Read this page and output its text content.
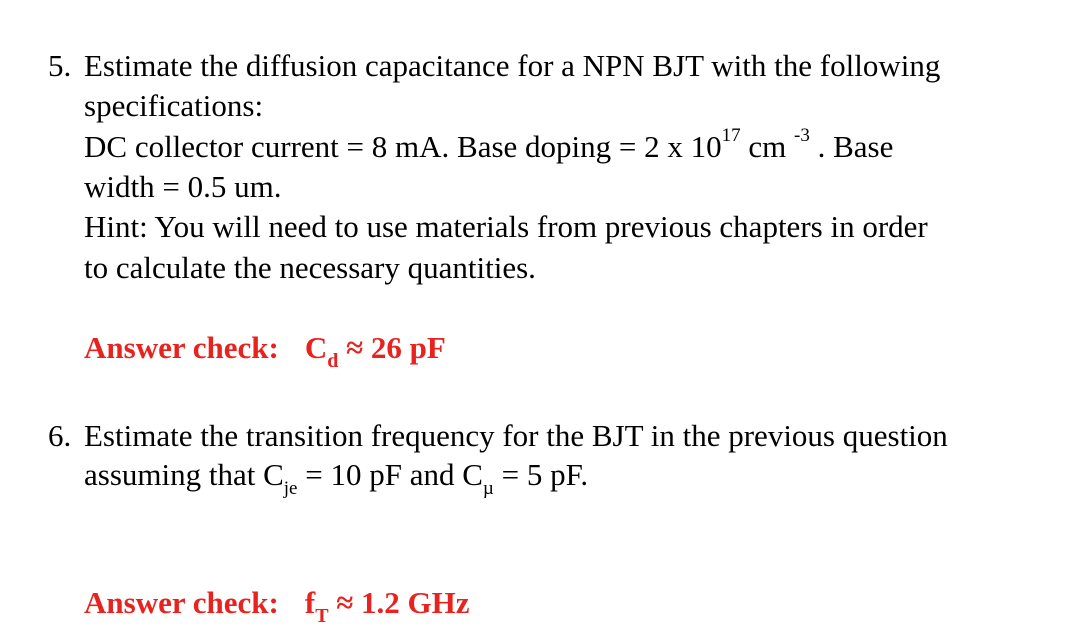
5. Estimate the diffusion capacitance for a NPN BJT with the following
specifications:
DC collector current = 8 mA. Base doping = 2 x $10^{17}$ cm $^{-3}$ . Base
width = 0.5 um.
Hint: You will need to use materials from previous chapters in order
to calculate the necessary quantities.
Answer check: $C_d \approx 26$ pF
6. Estimate the transition frequency for the BJT in the previous question
assuming that $C_{je} = 10$ pF and $C_\mu = 5$ pF.
Answer check: $f_T \approx 1.2$ GHz
